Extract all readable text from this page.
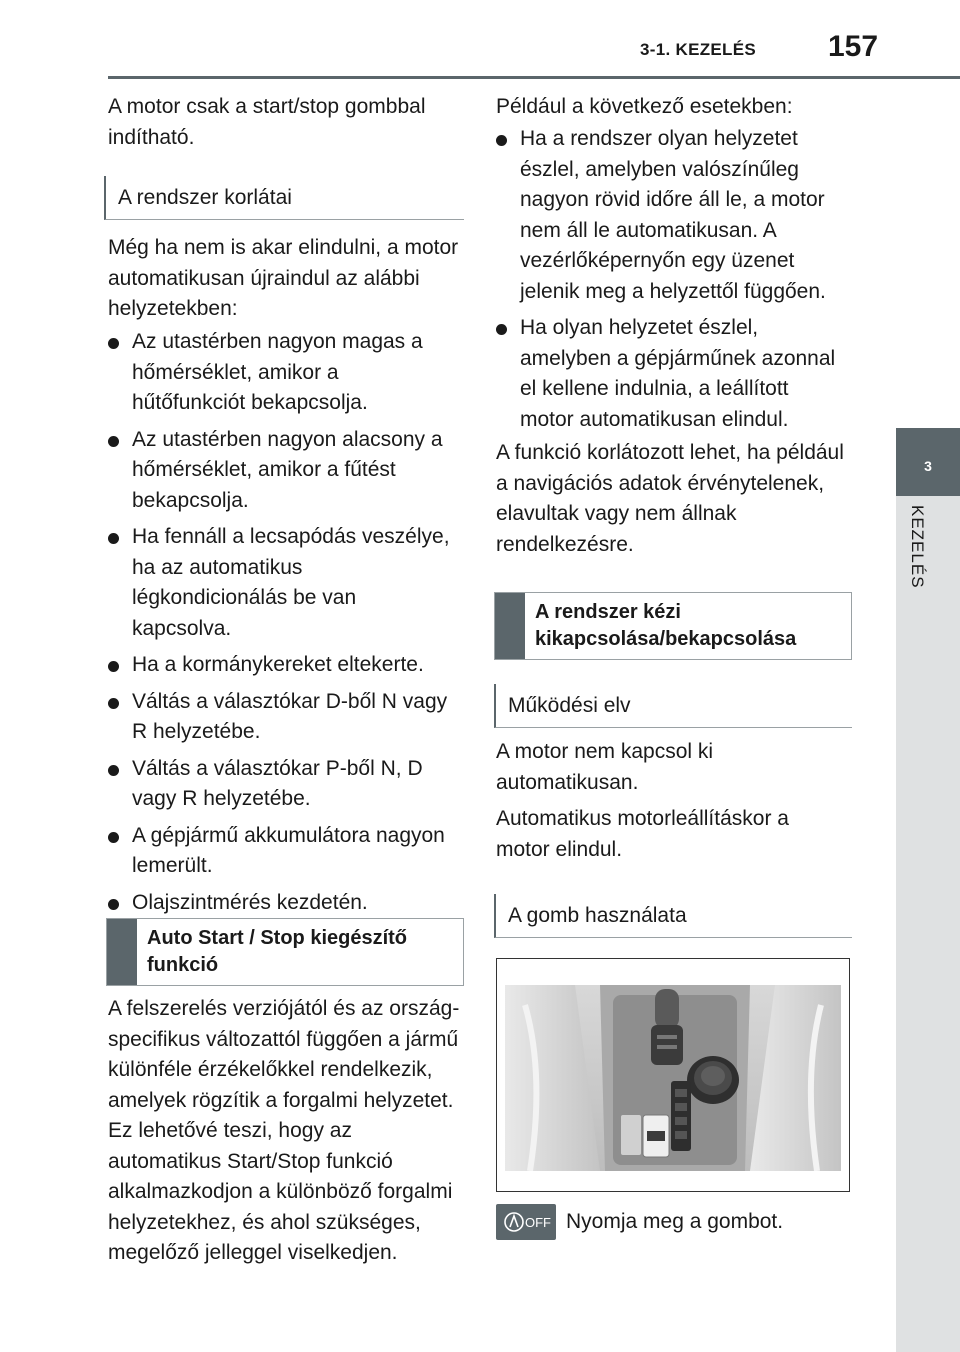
3-1. KEZELÉS 157
3
KEZELÉS
A motor csak a start/stop gombbal indítható.
A rendszer korlátai
Még ha nem is akar elindulni, a motor automatikusan újraindul az alábbi helyzetekben:
Az utastérben nagyon magas a hőmérséklet, amikor a hűtőfunkciót bekapcsolja.
Az utastérben nagyon alacsony a hőmérséklet, amikor a fűtést bekapcsolja.
Ha fennáll a lecsapódás veszélye, ha az automatikus légkondicionálás be van kapcsolva.
Ha a kormánykereket eltekerte.
Váltás a választókar D-ből N vagy R helyzetébe.
Váltás a választókar P-ből N, D vagy R helyzetébe.
A gépjármű akkumulátora nagyon lemerült.
Olajszintmérés kezdetén.
Auto Start / Stop kiegészítő funkció
A felszerelés verziójától és az ország-specifikus változattól függően a jármű különféle érzékelőkkel rendelkezik, amelyek rögzítik a forgalmi helyzetet. Ez lehetővé teszi, hogy az automatikus Start/Stop funkció alkalmazkodjon a különböző forgalmi helyzetekhez, és ahol szükséges, megelőző jelleggel viselkedjen.
Például a következő esetekben:
Ha a rendszer olyan helyzetet észlel, amelyben valószínűleg nagyon rövid időre áll le, a motor nem áll le automatikusan. A vezérlőképernyőn egy üzenet jelenik meg a helyzettől függően.
Ha olyan helyzetet észlel, amelyben a gépjárműnek azonnal el kellene indulnia, a leállított motor automatikusan elindul.
A funkció korlátozott lehet, ha például a navigációs adatok érvénytelenek, elavultak vagy nem állnak rendelkezésre.
A rendszer kézi kikapcsolása/bekapcsolása
Működési elv
A motor nem kapcsol ki automatikusan.
Automatikus motorleállításkor a motor elindul.
A gomb használata
OFF Nyomja meg a gombot.
